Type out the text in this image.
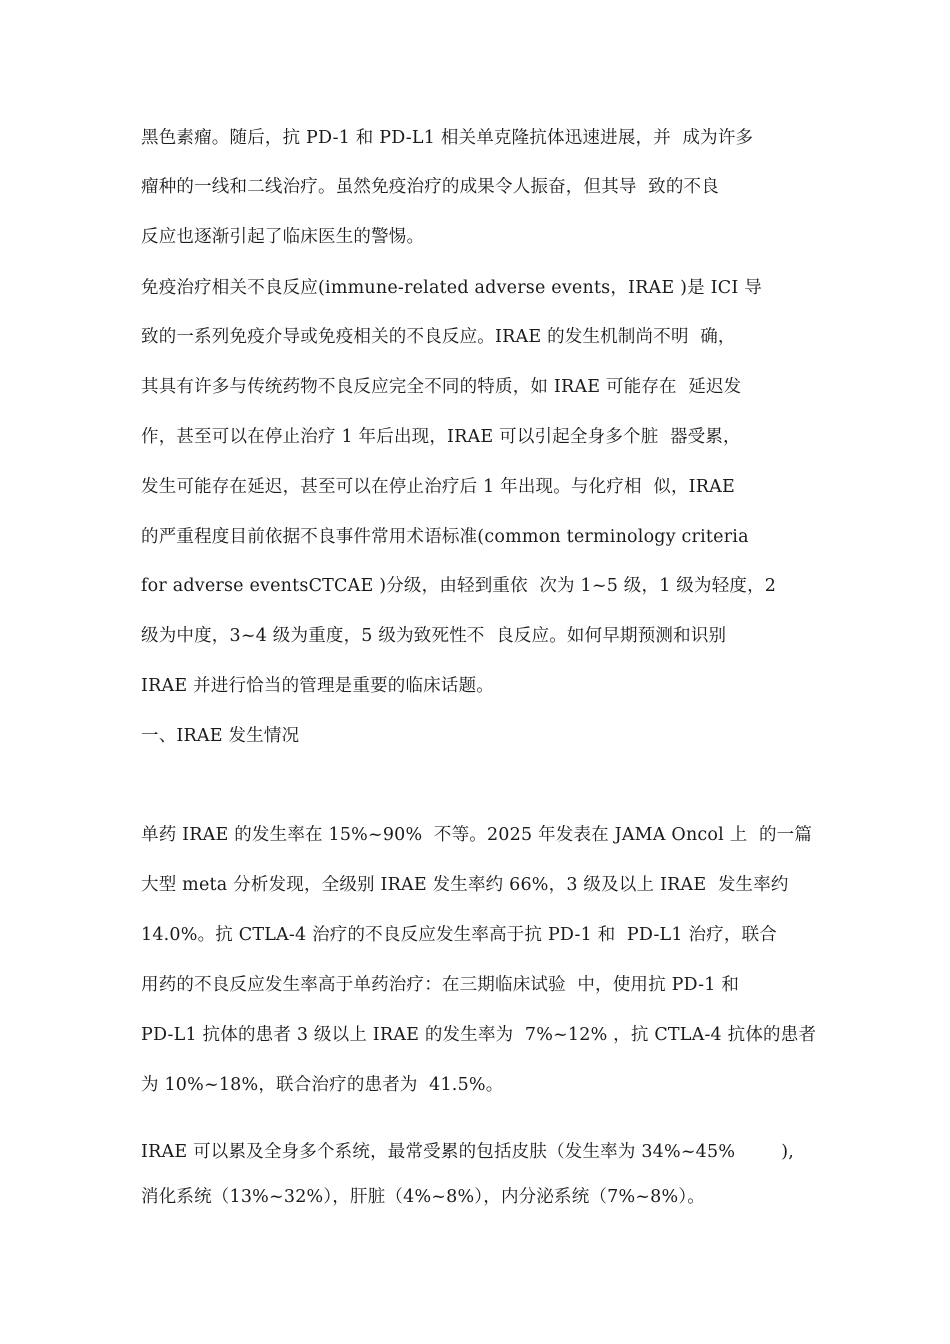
黑色素瘤。随后，抗 PD-1 和 PD-L1 相关单克隆抗体迅速进展，并  成为许多
瘤种的一线和二线治疗。虽然免疫治疗的成果令人振奋，但其导  致的不良
反应也逐渐引起了临床医生的警惕。
免疫治疗相关不良反应(immune-related adverse events，IRAE )是 ICI 导
致的一系列免疫介导或免疫相关的不良反应。IRAE 的发生机制尚不明  确，
其具有许多与传统药物不良反应完全不同的特质，如 IRAE 可能存在  延迟发
作，甚至可以在停止治疗 1 年后出现，IRAE 可以引起全身多个脏  器受累，
发生可能存在延迟，甚至可以在停止治疗后 1 年出现。与化疗相  似，IRAE
的严重程度目前依据不良事件常用术语标准(common terminology criteria
for adverse eventsCTCAE )分级，由轻到重依  次为 1~5 级，1 级为轻度，2
级为中度，3~4 级为重度，5 级为致死性不  良反应。如何早期预测和识别
IRAE 并进行恰当的管理是重要的临床话题。
一、IRAE 发生情况
单药 IRAE 的发生率在 15%~90%  不等。2025 年发表在 JAMA Oncol 上  的一篇
大型 meta 分析发现，全级别 IRAE 发生率约 66%，3 级及以上 IRAE  发生率约
14.0%。抗 CTLA-4 治疗的不良反应发生率高于抗 PD-1 和  PD-L1 治疗，联合
用药的不良反应发生率高于单药治疗：在三期临床试验  中，使用抗 PD-1 和
PD-L1 抗体的患者 3 级以上 IRAE 的发生率为  7%~12% ，抗 CTLA-4 抗体的患者
为 10%~18%，联合治疗的患者为  41.5%。
IRAE 可以累及全身多个系统，最常受累的包括皮肤（发生率为 34%~45%        ),
消化系统（13%~32%），肝脏（4%~8%），内分泌系统（7%~8%）。
